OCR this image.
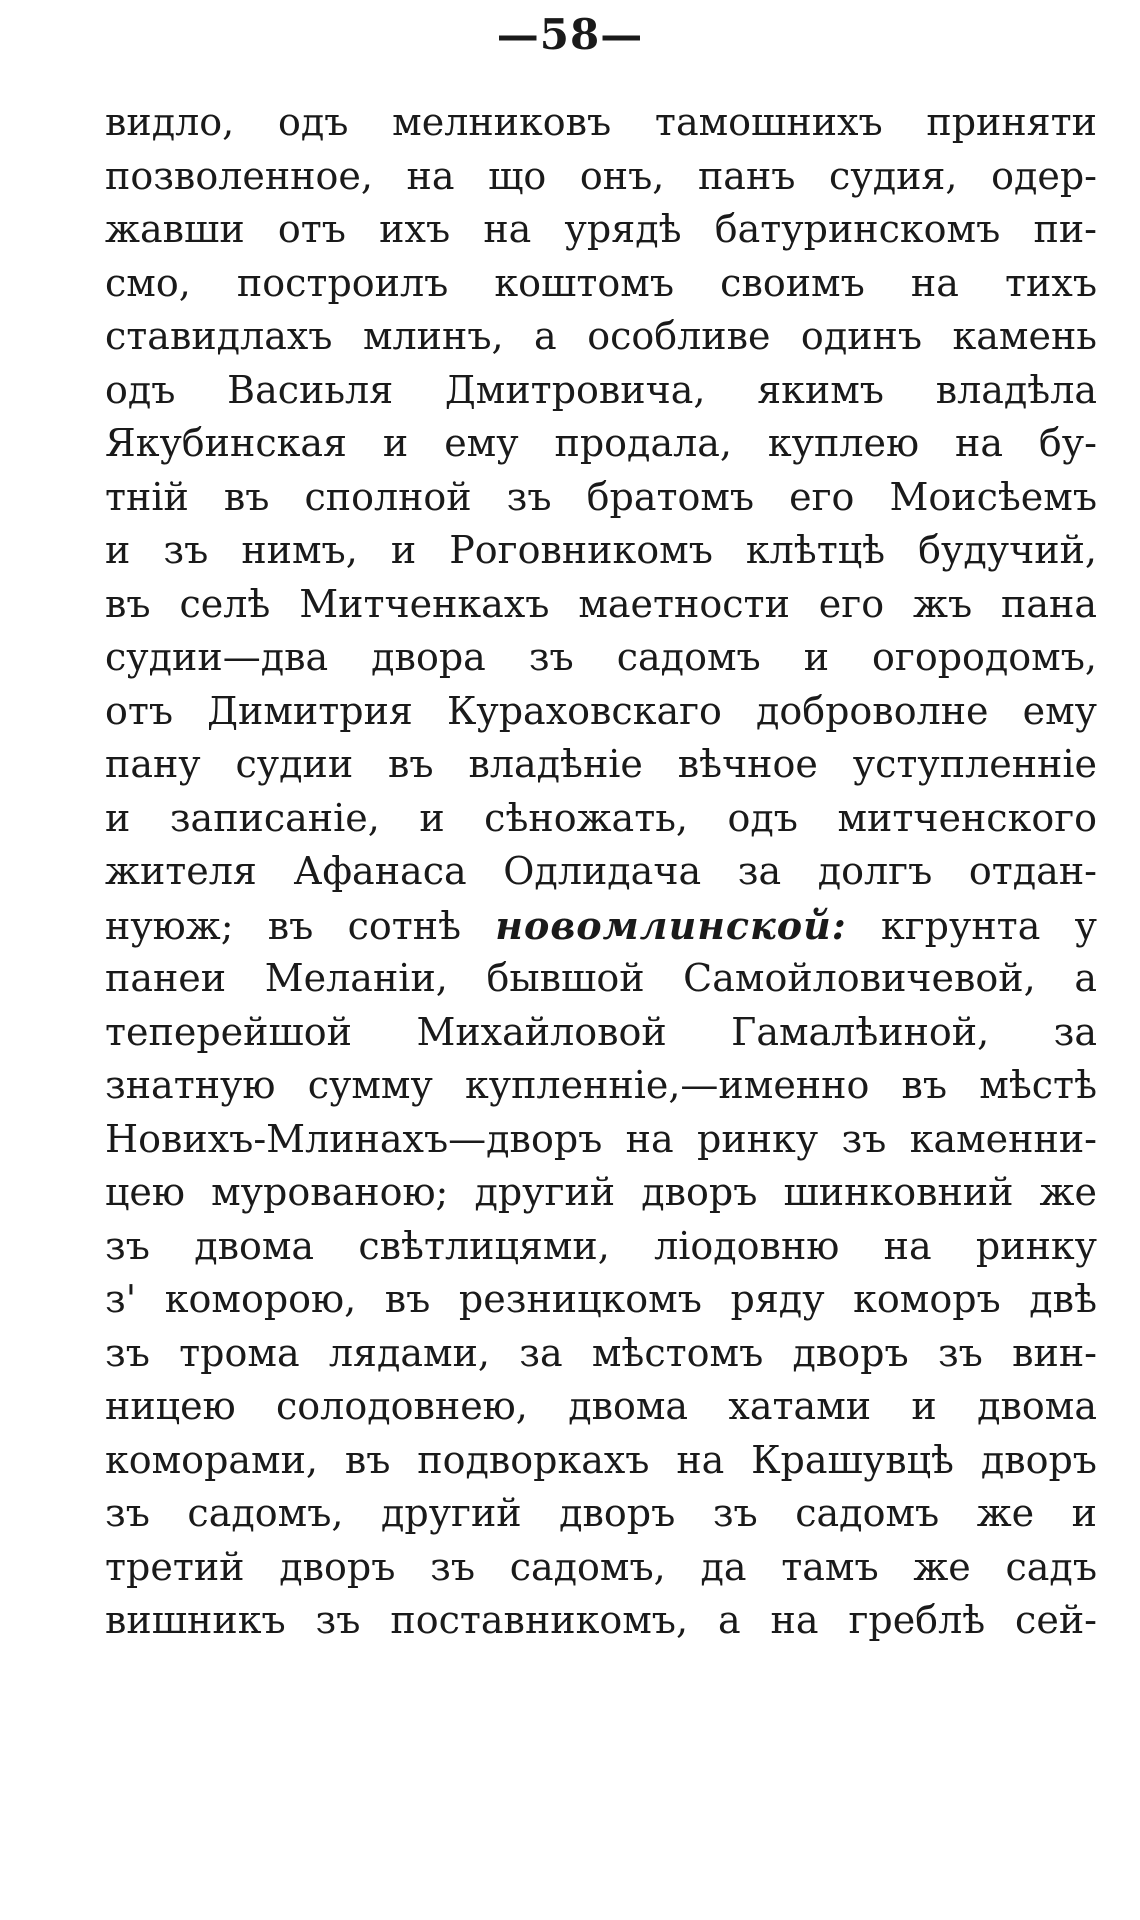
—58—
видло, одъ мелниковъ тамошнихъ приняти
позволенное, на що онъ, панъ судия, одер-
жавши отъ ихъ на урядѣ батуринскомъ пи-
смо, построилъ коштомъ своимъ на тихъ
ставидлахъ млинъ, а особливе одинъ камень
одъ Васиьля Дмитровича, якимъ владѣла
Якубинская и ему продала, куплею на бу-
тній въ сполной зъ братомъ его Моисѣемъ
и зъ нимъ, и Роговникомъ клѣтцѣ будучий,
въ селѣ Митченкахъ маетности его жъ пана
судии—два двора зъ садомъ и огородомъ,
отъ Димитрия Кураховскаго доброволне ему
пану судии въ владѣніе вѣчное уступленніе
и записаніе, и сѣножать, одъ митченского
жителя Афанаса Одлидача за долгъ отдан-
нуюж; въ сотнѣ новомлинской: кгрунта у
панеи Меланіи, бывшой Самойловичевой, а
теперейшой Михайловой Гамалѣиной, за
знатную сумму купленніе,—именно въ мѣстѣ
Новихъ-Млинахъ—дворъ на ринку зъ каменни-
цею мурованою; другий дворъ шинковний же
зъ двома свѣтлицями, лiодовню на ринку
з' коморою, въ резницкомъ ряду коморъ двѣ
зъ трома лядами, за мѣстомъ дворъ зъ вин-
ницею солодовнею, двома хатами и двома
коморами, въ подворкахъ на Крашувцѣ дворъ
зъ садомъ, другий дворъ зъ садомъ же и
третий дворъ зъ садомъ, да тамъ же садъ
вишникъ зъ поставникомъ, а на греблѣ сей-
